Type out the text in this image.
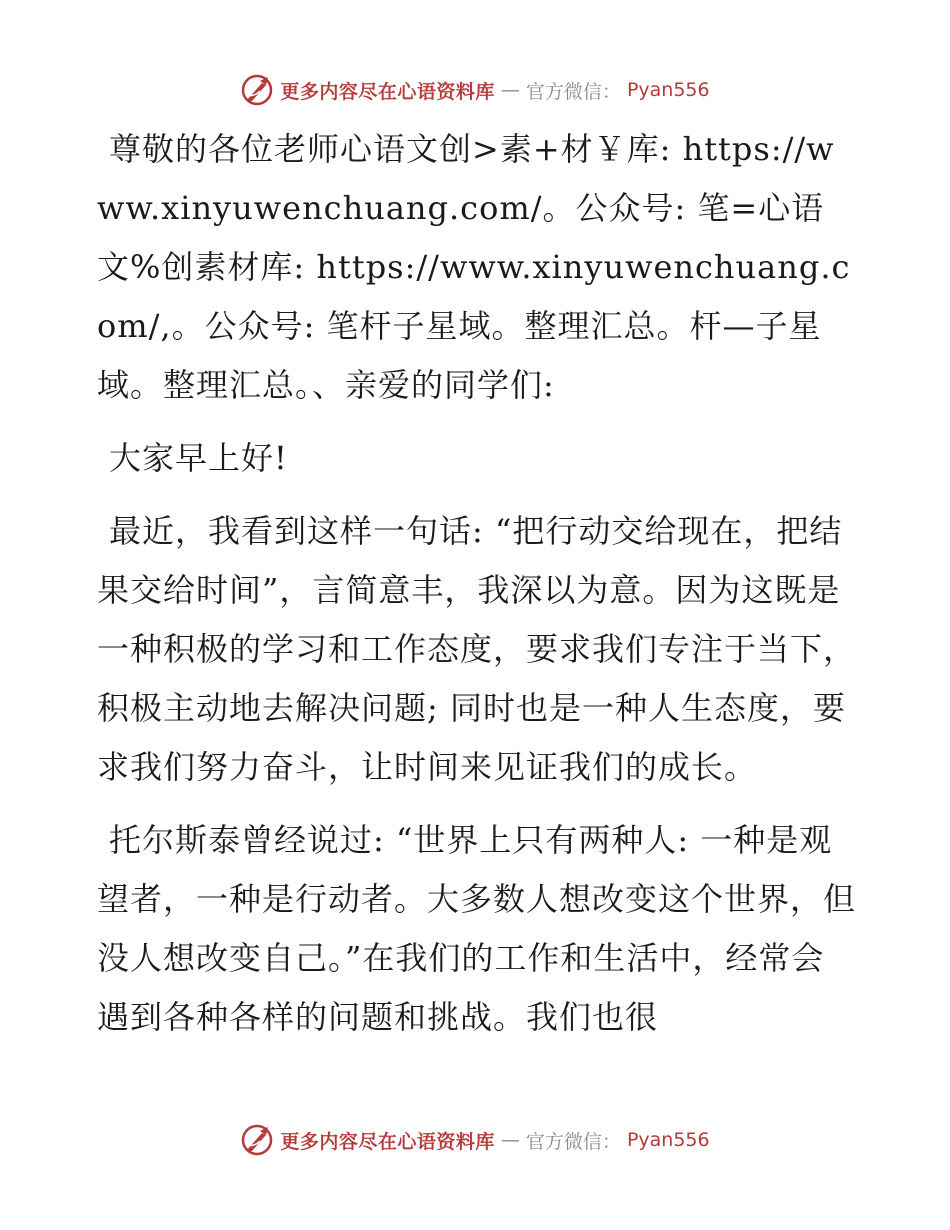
更多内容尽在心语资料库 — 官方微信： Pyan556

尊敬的各位老师心语文创>素+材￥库: https://www.xinyuwenchuang.com/。公众号: 笔=心语文%创素材库: https://www.xinyuwenchuang.com/,。公众号: 笔杆子星域。整理汇总。杆—子星域。整理汇总。、亲爱的同学们:

大家早上好!

最近，我看到这样一句话: “把行动交给现在，把结果交给时间”，言简意丰，我深以为意。因为这既是一种积极的学习和工作态度，要求我们专注于当下，积极主动地去解决问题; 同时也是一种人生态度，要求我们努力奋斗，让时间来见证我们的成长。

托尔斯泰曾经说过: “世界上只有两种人: 一种是观望者，一种是行动者。大多数人想改变这个世界，但没人想改变自己。”在我们的工作和生活中，经常会遇到各种各样的问题和挑战。我们也很

更多内容尽在心语资料库 — 官方微信： Pyan556
